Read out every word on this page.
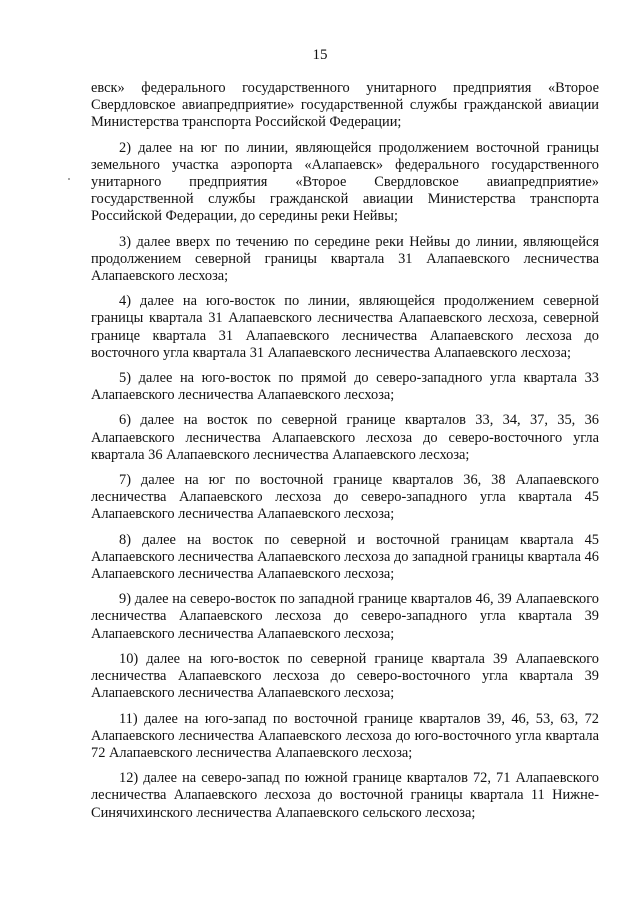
15

евск» федерального государственного унитарного предприятия «Второе Свердловское авиапредприятие» государственной службы гражданской авиации Министерства транспорта Российской Федерации;

2) далее на юг по линии, являющейся продолжением восточной границы земельного участка аэропорта «Алапаевск» федерального государственного унитарного предприятия «Второе Свердловское авиапредприятие» государственной службы гражданской авиации Министерства транспорта Российской Федерации, до середины реки Нейвы;

3) далее вверх по течению по середине реки Нейвы до линии, являющейся продолжением северной границы квартала 31 Алапаевского лесничества Алапаевского лесхоза;

4) далее на юго-восток по линии, являющейся продолжением северной границы квартала 31 Алапаевского лесничества Алапаевского лесхоза, северной границе квартала 31 Алапаевского лесничества Алапаевского лесхоза до восточного угла квартала 31 Алапаевского лесничества Алапаевского лесхоза;

5) далее на юго-восток по прямой до северо-западного угла квартала 33 Алапаевского лесничества Алапаевского лесхоза;

6) далее на восток по северной границе кварталов 33, 34, 37, 35, 36 Алапаевского лесничества Алапаевского лесхоза до северо-восточного угла квартала 36 Алапаевского лесничества Алапаевского лесхоза;

7) далее на юг по восточной границе кварталов 36, 38 Алапаевского лесничества Алапаевского лесхоза до северо-западного угла квартала 45 Алапаевского лесничества Алапаевского лесхоза;

8) далее на восток по северной и восточной границам квартала 45 Алапаевского лесничества Алапаевского лесхоза до западной границы квартала 46 Алапаевского лесничества Алапаевского лесхоза;

9) далее на северо-восток по западной границе кварталов 46, 39 Алапаевского лесничества Алапаевского лесхоза до северо-западного угла квартала 39 Алапаевского лесничества Алапаевского лесхоза;

10) далее на юго-восток по северной границе квартала 39 Алапаевского лесничества Алапаевского лесхоза до северо-восточного угла квартала 39 Алапаевского лесничества Алапаевского лесхоза;

11) далее на юго-запад по восточной границе кварталов 39, 46, 53, 63, 72 Алапаевского лесничества Алапаевского лесхоза до юго-восточного угла квартала 72 Алапаевского лесничества Алапаевского лесхоза;

12) далее на северо-запад по южной границе кварталов 72, 71 Алапаевского лесничества Алапаевского лесхоза до восточной границы квартала 11 Нижне-Синячихинского лесничества Алапаевского сельского лесхоза;
